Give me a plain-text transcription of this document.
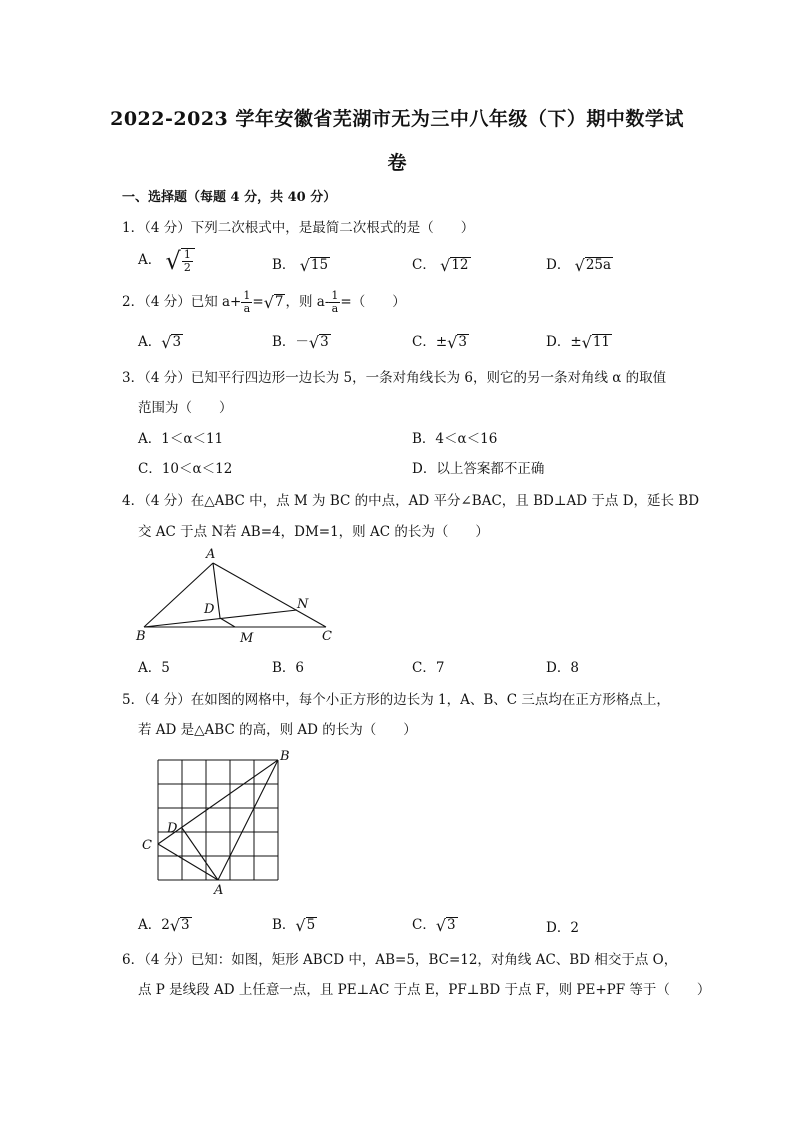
2022-2023 学年安徽省芜湖市无为三中八年级（下）期中数学试
卷
一、选择题（每题 4 分，共 40 分）
1．（4 分）下列二次根式中，是最简二次根式的是（　　）
A． √ $\frac{1}{2}$	B． √ 15	C． √ 12	D． √ 25a
2．（4 分）已知 $a+ \frac{1}{a}$ = √ 7 ，则 $a- \frac{1}{a}$ =（　　）
A． √ 3	B．－ √ 3	C．± √ 3	D．± √ 11
3．（4 分）已知平行四边形一边长为 5，一条对角线长为 6，则它的另一条对角线 α 的取值
范围为（　　）
A．1＜α＜11	B．4＜α＜16
C．10＜α＜12	D．以上答案都不正确
4．（4 分）在△ABC 中，点 M 为 BC 的中点，AD 平分∠BAC，且 BD⊥AD 于点 D，延长 BD
交 AC 于点 N若 AB=4，DM=1，则 AC 的长为（　　）
A
B	C
D
M
N
A．5	B．6	C．7	D．8
5．（4 分）在如图的网格中，每个小正方形的边长为 1，A、B、C 三点均在正方形格点上，
若 AD 是△ABC 的高，则 AD 的长为（　　）
B
C
D
A
A．2 √ 3	B． √ 5	C． √ 3	D．2
6．（4 分）已知：如图，矩形 ABCD 中，AB=5，BC=12，对角线 AC、BD 相交于点 O，
点 P 是线段 AD 上任意一点，且 PE⊥AC 于点 E，PF⊥BD 于点 F，则 PE+PF 等于（　　）
